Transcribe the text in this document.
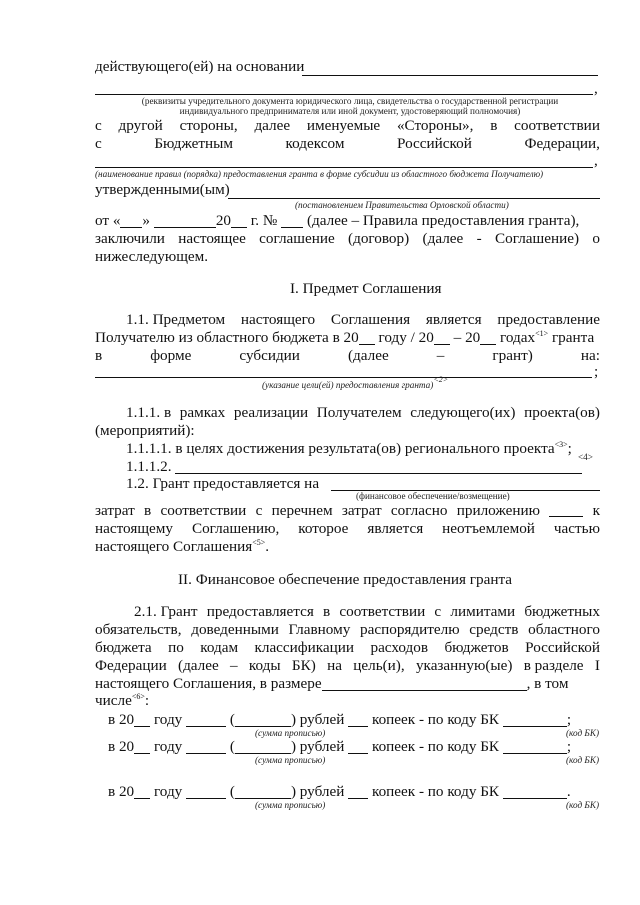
действующего(ей) на основании
,
(реквизиты учредительного документа юридического лица, свидетельства о государственной регистрации
индивидуального предпринимателя или иной документ, удостоверяющий полномочия)
с другой стороны, далее именуемые «Стороны», в соответствии
с	Бюджетным	кодексом	Российской	Федерации,
,
(наименование правил (порядка) предоставления гранта в форме субсидии из областного бюджета Получателю)
утвержденными(ым)
(постановлением Правительства Орловской области)
от « »	20 г. № (далее – Правила предоставления гранта),
заключили настоящее соглашение (договор) (далее - Соглашение) о
нижеследующем.
I. Предмет Соглашения
1.1. Предметом настоящего Соглашения является предоставление
Получателю из областного бюджета в 20 году / 20 – 20 годах$^{<1>}$ гранта
в	форме	субсидии	(далее	–	грант)	на:
;
(указание цели(ей) предоставления гранта)$^{<2>}$
1.1.1. в рамках реализации Получателем следующего(их) проекта(ов)
(мероприятий):
1.1.1.1. в целях достижения результата(ов) регионального проекта$^{<3>}$;
1.1.1.2.
<4>
1.2. Грант предоставляется на
(финансовое обеспечение/возмещение)
затрат в соответствии с перечнем затрат согласно приложению	к
настоящему Соглашению, которое является неотъемлемой частью
настоящего Соглашения$^{<5>}$.
II. Финансовое обеспечение предоставления гранта
2.1. Грант предоставляется в соответствии с лимитами бюджетных
обязательств, доведенными Главному распорядителю средств областного
бюджета по кодам классификации расходов бюджетов Российской
Федерации (далее – коды БК) на цель(и), указанную(ые) в разделе I
настоящего Соглашения, в размере	, в том
числе$^{<6>}$:
в 20 году	(	) рублей копеек - по коду БК	;
(сумма прописью)	(код БК)
в 20 году	(	) рублей копеек - по коду БК	;
(сумма прописью)	(код БК)
в 20 году	(	) рублей копеек - по коду БК	.
(сумма прописью)	(код БК)
